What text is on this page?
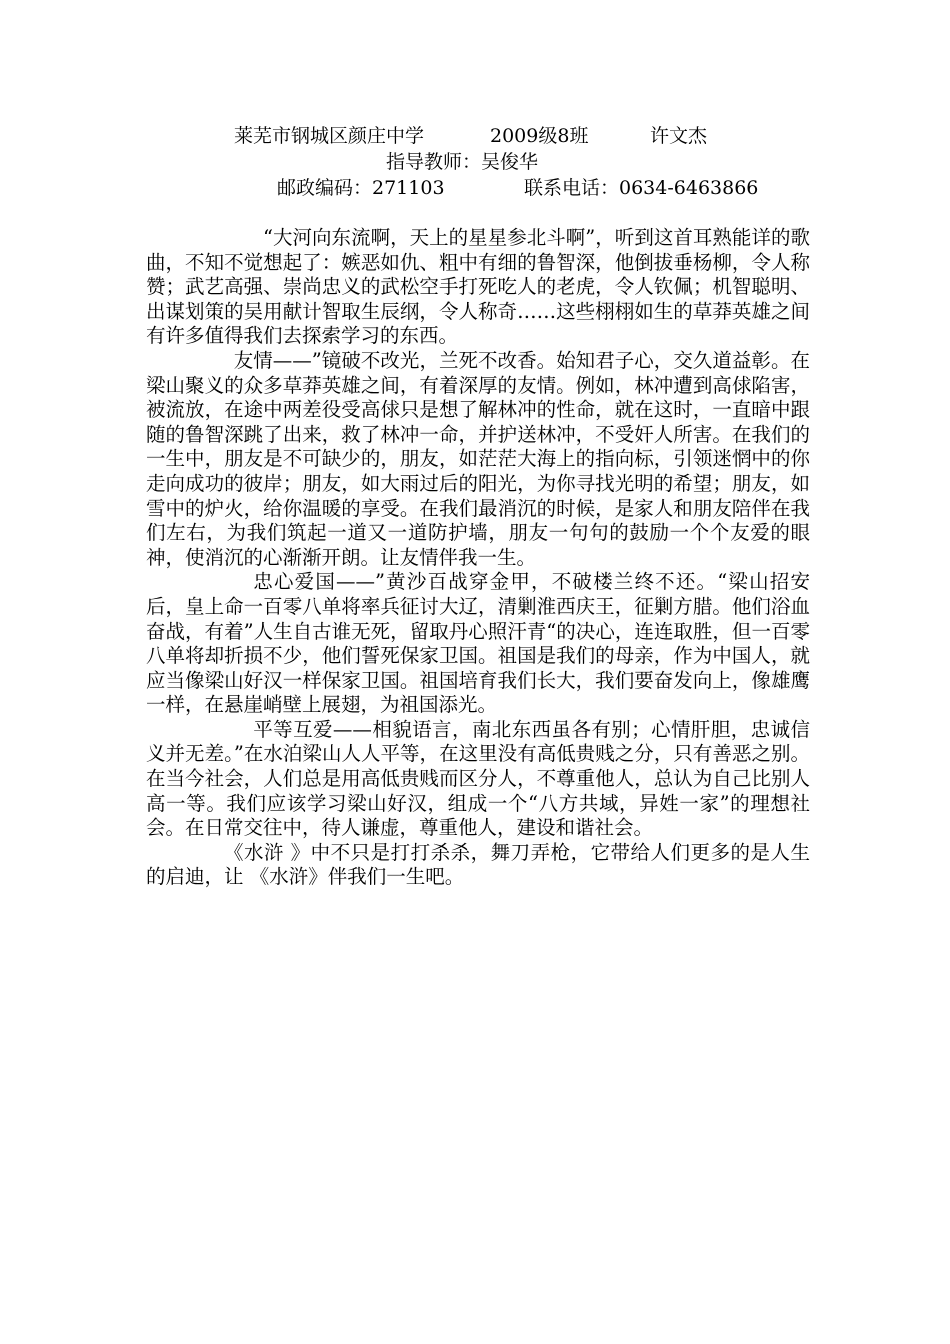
莱芜市钢城区颜庄中学	2009级8班	许文杰
指导教师：吴俊华
邮政编码：271103	联系电话：0634-6463866

“大河向东流啊，天上的星星参北斗啊”，听到这首耳熟能详的歌曲，不知不觉想起了：嫉恶如仇、粗中有细的鲁智深，他倒拔垂杨柳，令人称赞；武艺高强、崇尚忠义的武松空手打死吃人的老虎，令人钦佩；机智聪明、出谋划策的吴用献计智取生辰纲，令人称奇……这些栩栩如生的草莽英雄之间有许多值得我们去探索学习的东西。

友情——”镜破不改光，兰死不改香。始知君子心，交久道益彰。在梁山聚义的众多草莽英雄之间，有着深厚的友情。例如，林冲遭到高俅陷害，被流放，在途中两差役受高俅只是想了解林冲的性命，就在这时，一直暗中跟随的鲁智深跳了出来，救了林冲一命，并护送林冲，不受奸人所害。在我们的一生中，朋友是不可缺少的，朋友，如茫茫大海上的指向标，引领迷惘中的你走向成功的彼岸；朋友，如大雨过后的阳光，为你寻找光明的希望；朋友，如雪中的炉火，给你温暖的享受。在我们最消沉的时候，是家人和朋友陪伴在我们左右，为我们筑起一道又一道防护墙，朋友一句句的鼓励一个个友爱的眼神，使消沉的心渐渐开朗。让友情伴我一生。

忠心爱国——”黄沙百战穿金甲，不破楼兰终不还。“梁山招安后，皇上命一百零八单将率兵征讨大辽，清剿淮西庆王，征剿方腊。他们浴血奋战，有着”人生自古谁无死，留取丹心照汗青“的决心，连连取胜，但一百零八单将却折损不少，他们誓死保家卫国。祖国是我们的母亲，作为中国人，就应当像梁山好汉一样保家卫国。祖国培育我们长大，我们要奋发向上，像雄鹰一样，在悬崖峭壁上展翅，为祖国添光。

平等互爱——相貌语言，南北东西虽各有别；心情肝胆，忠诚信义并无差。”在水泊梁山人人平等，在这里没有高低贵贱之分，只有善恶之别。在当今社会，人们总是用高低贵贱而区分人，不尊重他人，总认为自己比别人高一等。我们应该学习梁山好汉，组成一个“八方共域，异姓一家”的理想社会。在日常交往中，待人谦虚，尊重他人，建设和谐社会。

《水浒 》中不只是打打杀杀，舞刀弄枪，它带给人们更多的是人生的启迪，让 《水浒》伴我们一生吧。
